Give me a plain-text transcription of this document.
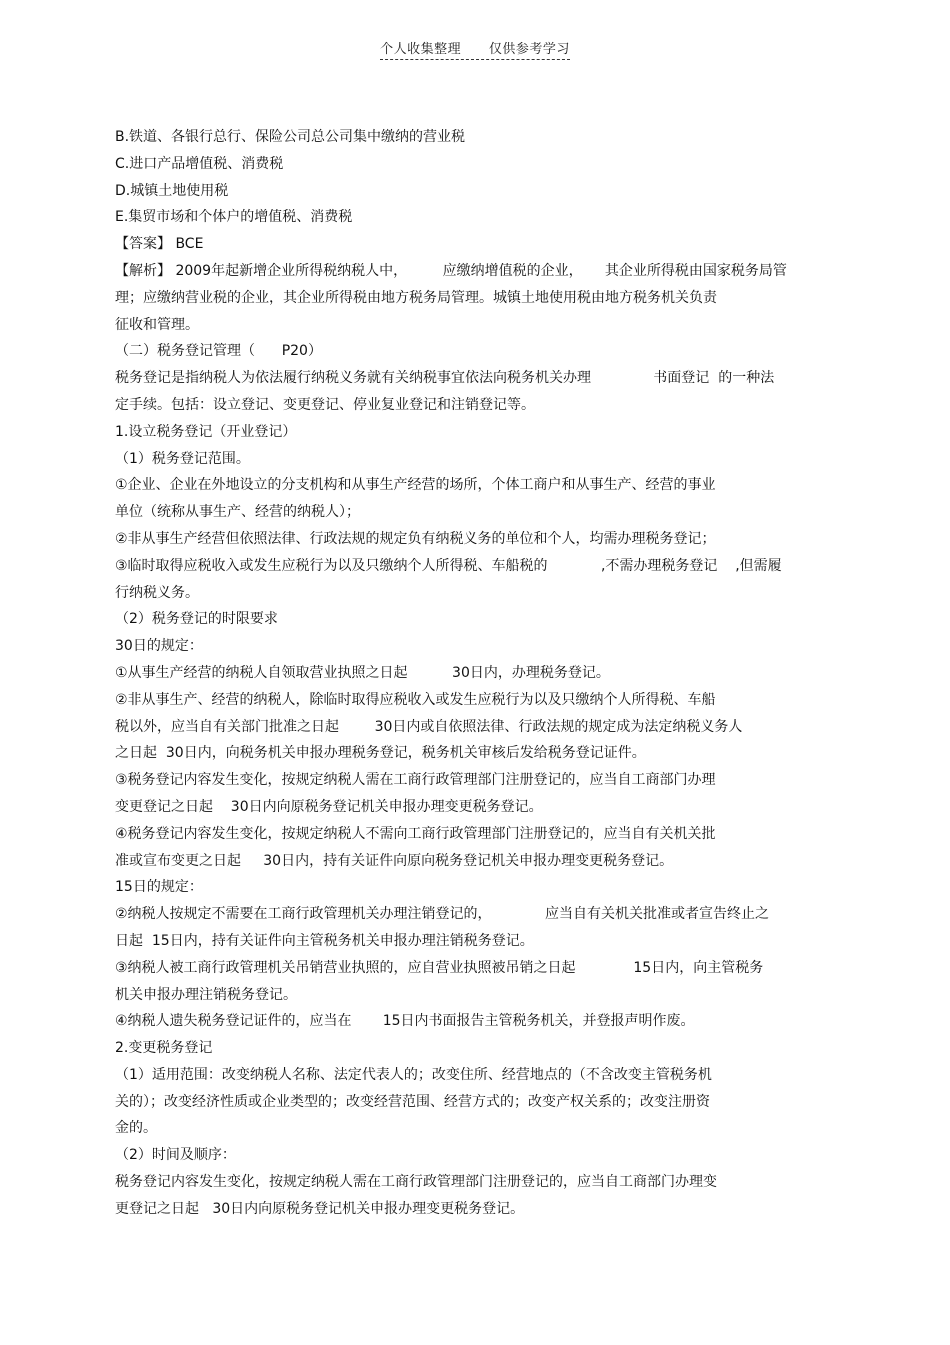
个人收集整理 仅供参考学习
B.铁道、各银行总行、保险公司总公司集中缴纳的营业税
C.进口产品增值税、消费税
D.城镇土地使用税
E.集贸市场和个体户的增值税、消费税
【答案】 BCE
【解析】 2009年起新增企业所得税纳税人中，        应缴纳增值税的企业，     其企业所得税由国家税务局管
理；应缴纳营业税的企业，其企业所得税由地方税务局管理。城镇土地使用税由地方税务机关负责
征收和管理。
（二）税务登记管理（      P20）
税务登记是指纳税人为依法履行纳税义务就有关纳税事宜依法向税务机关办理              书面登记  的一种法
定手续。包括：设立登记、变更登记、停业复业登记和注销登记等。
1.设立税务登记（开业登记）
（1）税务登记范围。
①企业、企业在外地设立的分支机构和从事生产经营的场所，个体工商户和从事生产、经营的事业
单位（统称从事生产、经营的纳税人）；
②非从事生产经营但依照法律、行政法规的规定负有纳税义务的单位和个人，均需办理税务登记；
③临时取得应税收入或发生应税行为以及只缴纳个人所得税、车船税的            ,不需办理税务登记    ,但需履
行纳税义务。
（2）税务登记的时限要求
30日的规定：
①从事生产经营的纳税人自领取营业执照之日起          30日内，办理税务登记。
②非从事生产、经营的纳税人，除临时取得应税收入或发生应税行为以及只缴纳个人所得税、车船
税以外，应当自有关部门批准之日起        30日内或自依照法律、行政法规的规定成为法定纳税义务人
之日起  30日内，向税务机关申报办理税务登记，税务机关审核后发给税务登记证件。
③税务登记内容发生变化，按规定纳税人需在工商行政管理部门注册登记的，应当自工商部门办理
变更登记之日起    30日内向原税务登记机关申报办理变更税务登记。
④税务登记内容发生变化，按规定纳税人不需向工商行政管理部门注册登记的，应当自有关机关批
准或宣布变更之日起     30日内，持有关证件向原向税务登记机关申报办理变更税务登记。
15日的规定：
②纳税人按规定不需要在工商行政管理机关办理注销登记的，            应当自有关机关批准或者宣告终止之
日起  15日内，持有关证件向主管税务机关申报办理注销税务登记。
③纳税人被工商行政管理机关吊销营业执照的，应自营业执照被吊销之日起             15日内，向主管税务
机关申报办理注销税务登记。
④纳税人遗失税务登记证件的，应当在       15日内书面报告主管税务机关，并登报声明作废。
2.变更税务登记
（1）适用范围：改变纳税人名称、法定代表人的；改变住所、经营地点的（不含改变主管税务机
关的）；改变经济性质或企业类型的；改变经营范围、经营方式的；改变产权关系的；改变注册资
金的。
（2）时间及顺序：
税务登记内容发生变化，按规定纳税人需在工商行政管理部门注册登记的，应当自工商部门办理变
更登记之日起   30日内向原税务登记机关申报办理变更税务登记。
